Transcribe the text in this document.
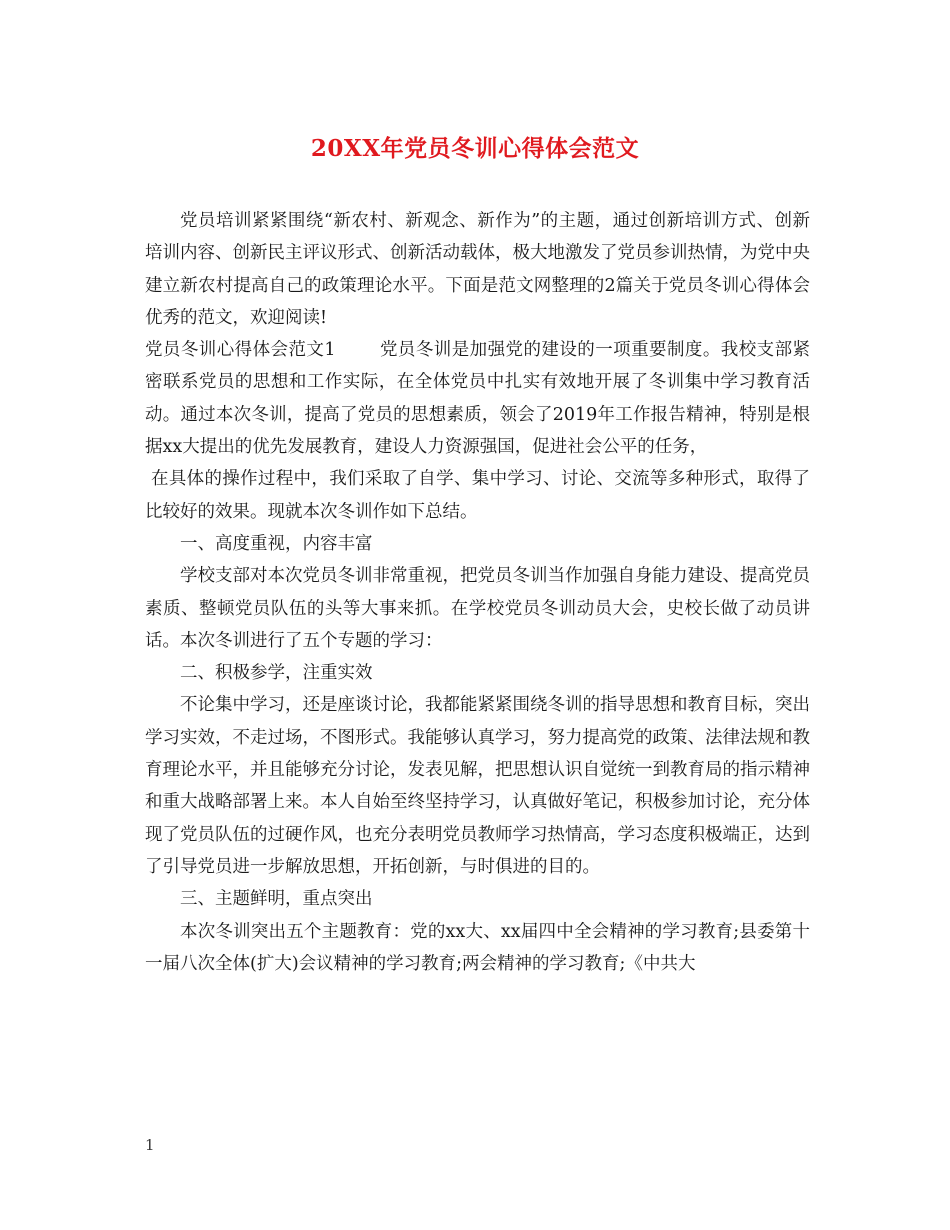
20XX年党员冬训心得体会范文

党员培训紧紧围绕“新农村、新观念、新作为”的主题，通过创新培训方式、创新培训内容、创新民主评议形式、创新活动载体，极大地激发了党员参训热情，为党中央建立新农村提高自己的政策理论水平。下面是范文网整理的2篇关于党员冬训心得体会优秀的范文，欢迎阅读!

党员冬训心得体会范文1	党员冬训是加强党的建设的一项重要制度。我校支部紧密联系党员的思想和工作实际，在全体党员中扎实有效地开展了冬训集中学习教育活动。通过本次冬训，提高了党员的思想素质，领会了2019年工作报告精神，特别是根据xx大提出的优先发展教育，建设人力资源强国，促进社会公平的任务，

在具体的操作过程中，我们采取了自学、集中学习、讨论、交流等多种形式，取得了比较好的效果。现就本次冬训作如下总结。

一、高度重视，内容丰富

学校支部对本次党员冬训非常重视，把党员冬训当作加强自身能力建设、提高党员素质、整顿党员队伍的头等大事来抓。在学校党员冬训动员大会，史校长做了动员讲话。本次冬训进行了五个专题的学习：

二、积极参学，注重实效

不论集中学习，还是座谈讨论，我都能紧紧围绕冬训的指导思想和教育目标，突出学习实效，不走过场，不图形式。我能够认真学习，努力提高党的政策、法律法规和教育理论水平，并且能够充分讨论，发表见解，把思想认识自觉统一到教育局的指示精神和重大战略部署上来。本人自始至终坚持学习，认真做好笔记，积极参加讨论，充分体现了党员队伍的过硬作风，也充分表明党员教师学习热情高，学习态度积极端正，达到了引导党员进一步解放思想，开拓创新，与时俱进的目的。

三、主题鲜明，重点突出

本次冬训突出五个主题教育：党的xx大、xx届四中全会精神的学习教育;县委第十一届八次全体(扩大)会议精神的学习教育;两会精神的学习教育;《中共大

1
